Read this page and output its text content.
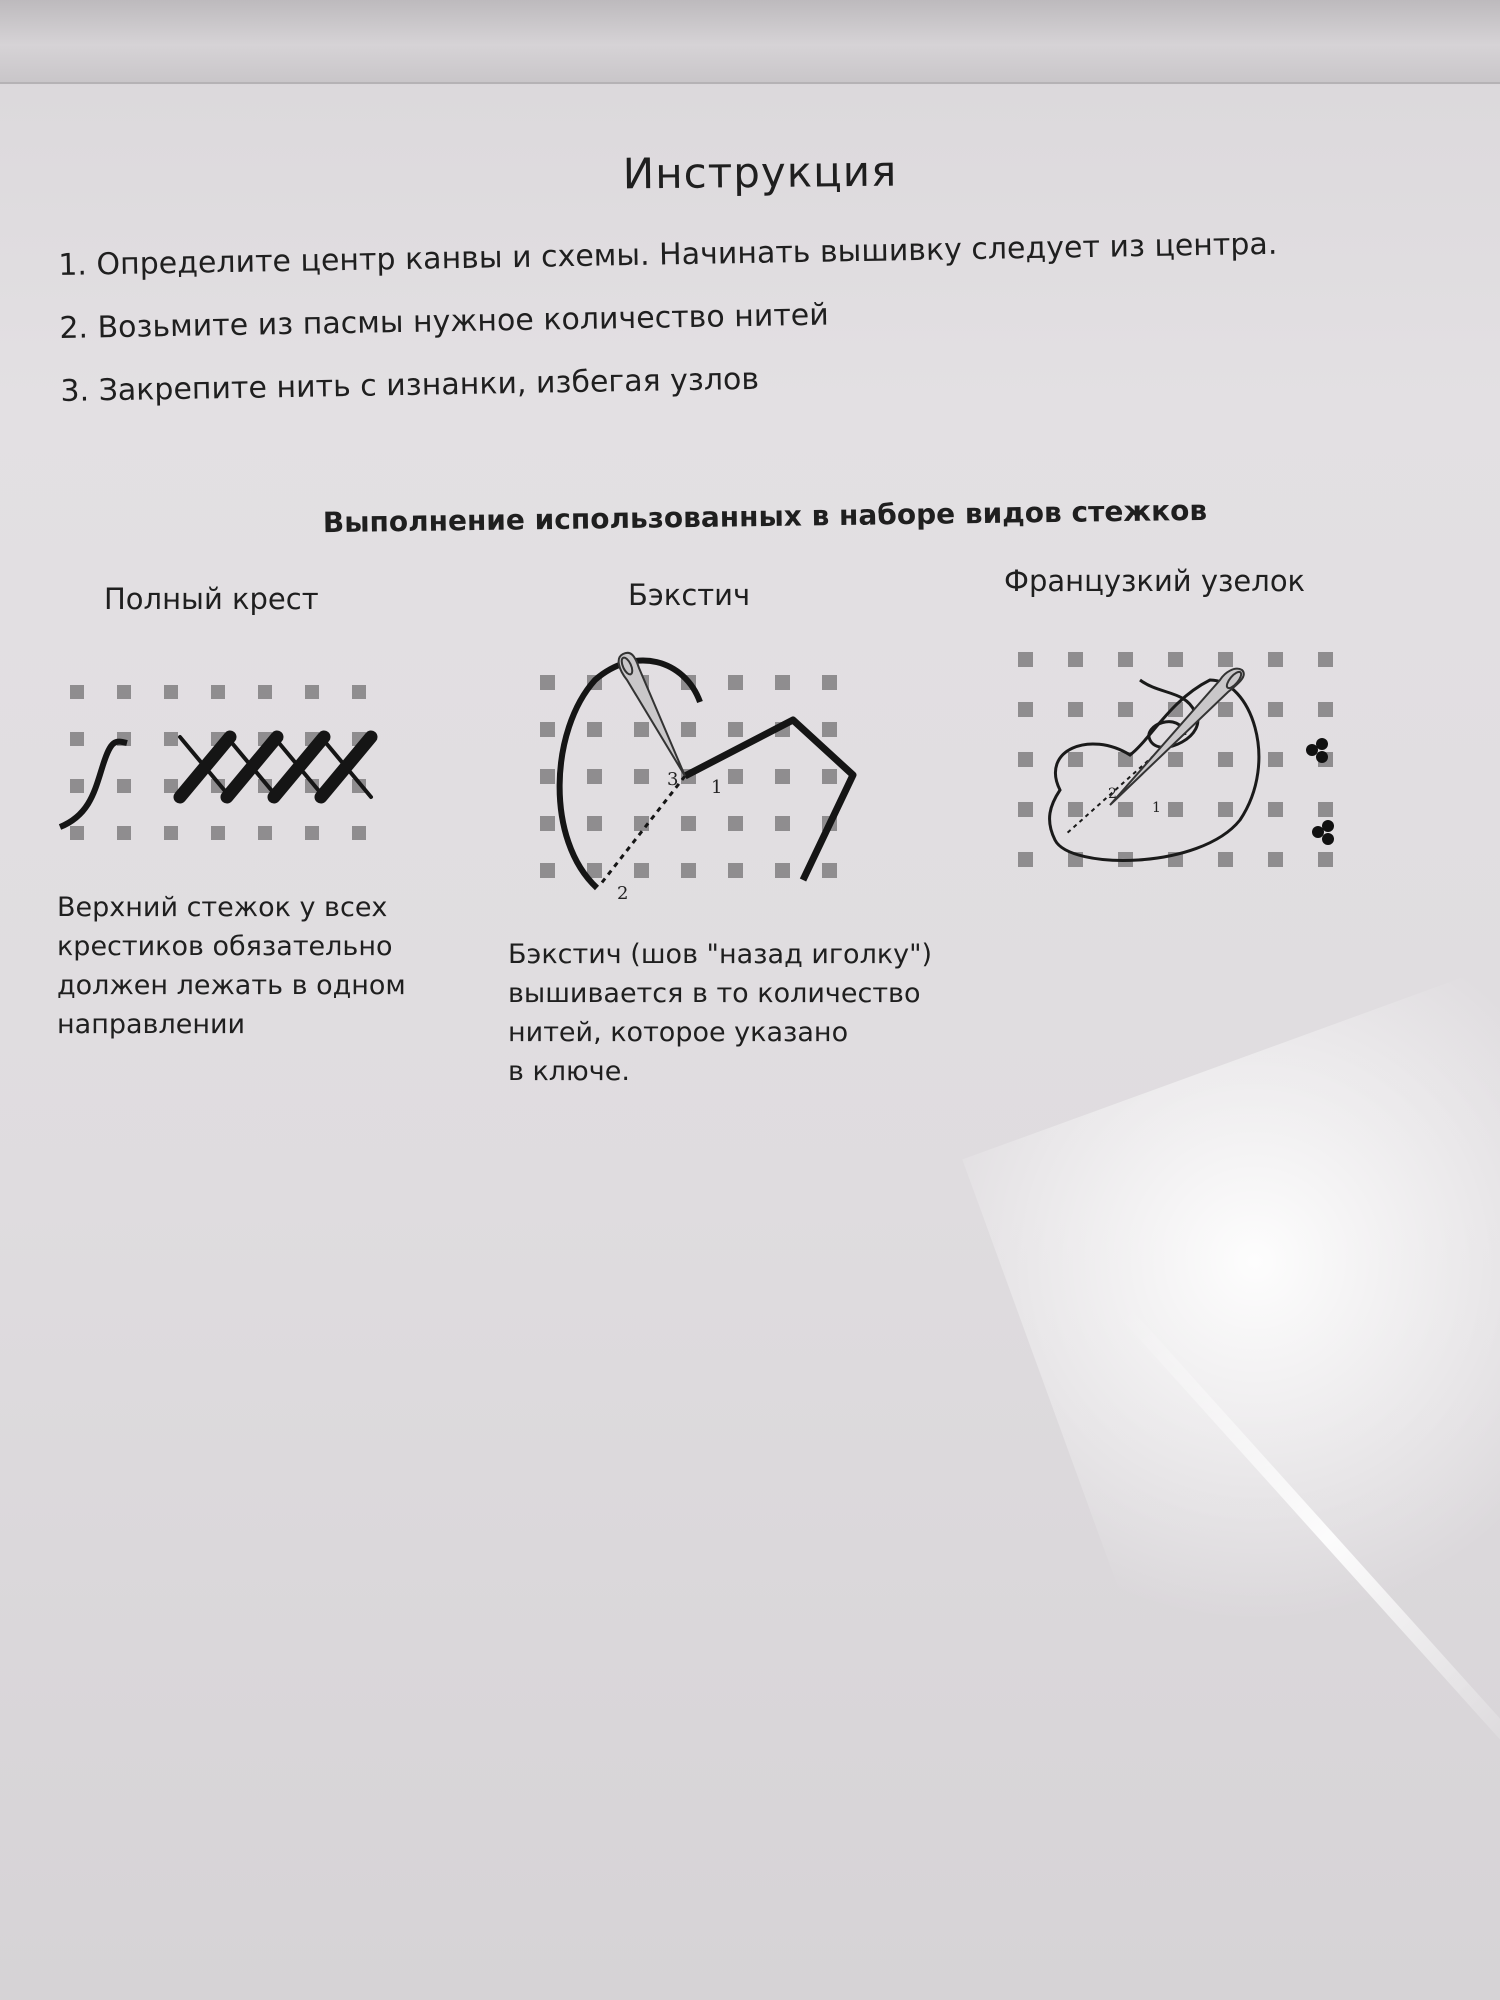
Инструкция
1. Определите центр канвы и схемы. Начинать вышивку следует из центра.
2. Возьмите из пасмы нужное количество нитей
3. Закрепите нить с изнанки, избегая узлов
Выполнение использованных в наборе видов стежков
Полный крест
Верхний стежок у всех
крестиков обязательно
должен лежать в одном
направлении
Бэкстич
3 1
2
Бэкстич (шов "назад иголку")
вышивается в то количество
нитей, которое указано
в ключе.
Французкий узелок
2
1
